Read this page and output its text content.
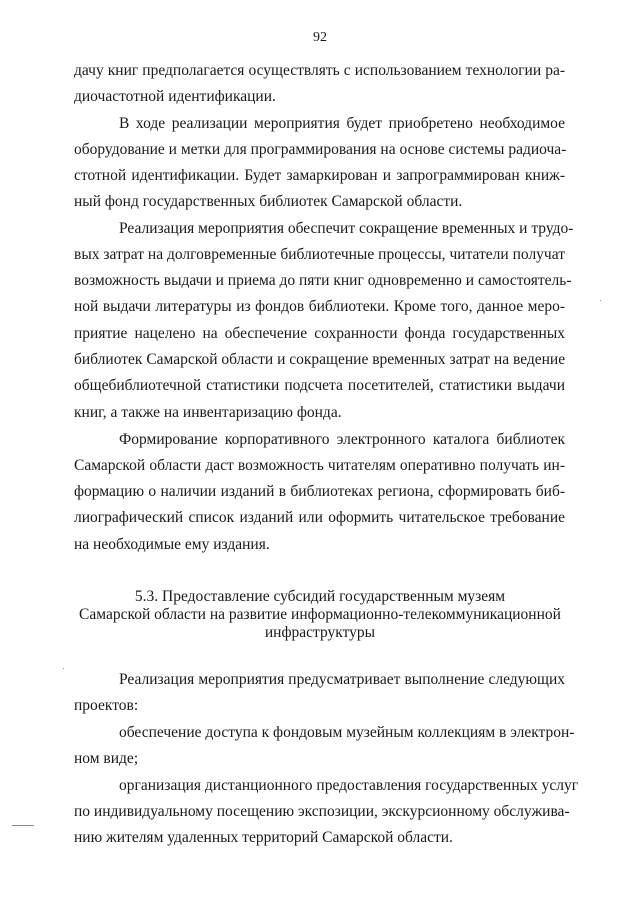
92
дачу книг предполагается осуществлять с использованием технологии ра-
диочастотной идентификации.
В ходе реализации мероприятия будет приобретено необходимое
оборудование и метки для программирования на основе системы радиоча-
стотной идентификации. Будет замаркирован и запрограммирован книж-
ный фонд государственных библиотек Самарской области.
Реализация мероприятия обеспечит сокращение временных и трудо-
вых затрат на долговременные библиотечные процессы, читатели получат
возможность выдачи и приема до пяти книг одновременно и самостоятель-
ной выдачи литературы из фондов библиотеки. Кроме того, данное меро-
приятие нацелено на обеспечение сохранности фонда государственных
библиотек Самарской области и сокращение временных затрат на ведение
общебиблиотечной статистики подсчета посетителей, статистики выдачи
книг, а также на инвентаризацию фонда.
Формирование корпоративного электронного каталога библиотек
Самарской области даст возможность читателям оперативно получать ин-
формацию о наличии изданий в библиотеках региона, сформировать биб-
лиографический список изданий или оформить читательское требование
на необходимые ему издания.
5.3. Предоставление субсидий государственным музеям
Самарской области на развитие информационно-телекоммуникационной
инфраструктуры
Реализация мероприятия предусматривает выполнение следующих
проектов:
обеспечение доступа к фондовым музейным коллекциям в электрон-
ном виде;
организация дистанционного предоставления государственных услуг
по индивидуальному посещению экспозиции, экскурсионному обслужива-
нию жителям удаленных территорий Самарской области.
